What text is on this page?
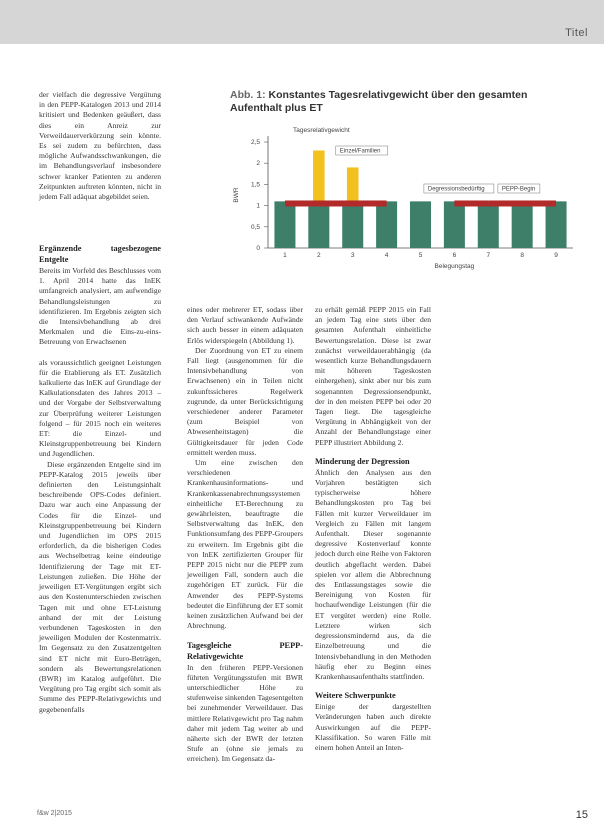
Titel
Abb. 1: Konstantes Tagesrelativgewicht über den gesamten Aufenthalt plus ET
Tagesrelativgewicht
0
0,5
1
1,5
2
2,5
BWR
1	2	3	4	5	6	7	8	9
Belegungstag
Einzel/Familien
Degressionsbedürftig	PEPP-Begin

der vielfach die degressive Vergütung in den PEPP-Katalogen 2013 und 2014 kritisiert und Bedenken geäußert, dass dies ein Anreiz zur Verweildauerverkürzung sein könnte. Es sei zudem zu befürchten, dass mögliche Aufwandsschwankungen, die im Behandlungsverlauf insbesondere schwer kranker Patienten zu anderen Zeitpunkten auftreten könnten, nicht in jedem Fall adäquat abgebildet seien.

Ergänzende tagesbezogene Entgelte

Bereits im Vorfeld des Beschlusses vom 1. April 2014 hatte das InEK umfangreich analysiert, am aufwendige Behandlungsleistungen zu identifizieren. Im Ergebnis zeigten sich die Intensivbehandlung ab drei Merkmalen und die Eins-zu-eins-Betreuung von Erwachsenen

als voraussichtlich geeignet Leistungen für die Etablierung als ET. Zusätzlich kalkulierte das InEK auf Grundlage der Kalkulationsdaten des Jahres 2013 – und der Vorgabe der Selbstverwaltung zur Überprüfung weiterer Leistungen folgend – für 2015 noch ein weiteres ET: die Einzel- und Kleinstgruppenbetreuung bei Kindern und Jugendlichen.

Diese ergänzenden Entgelte sind im PEPP-Katalog 2015 jeweils über definierten den Leistungsinhalt beschreibende OPS-Codes definiert. Dazu war auch eine Anpassung der Codes für die Einzel- und Kleinstgruppenbetreuung bei Kindern und Jugendlichen im OPS 2015 erforderlich, da die bisherigen Codes aus Wechselbetrag keine eindeutige Identifizierung der Tage mit ET-Leistungen zuließen. Die Höhe der jeweiligen ET-Vergütungen ergibt sich aus den Kostenunterschieden zwischen Tagen mit und ohne ET-Leistung anhand der mit der Leistung verbundenen Tageskosten in den jeweiligen Modulen der Kostenmatrix. Im Gegensatz zu den Zusatzentgelten sind ET nicht mit Euro-Beträgen, sondern als Bewertungsrelationen (BWR) im Katalog aufgeführt. Die Vergütung pro Tag ergibt sich somit als Summe des PEPP-Relativgewichts und gegebenenfalls

eines oder mehrerer ET, sodass über den Verlauf schwankende Aufwände sich auch besser in einem adäquaten Erlös widerspiegeln (Abbildung 1).

Der Zuordnung von ET zu einem Fall liegt (ausgenommen für die Intensivbehandlung von Erwachsenen) ein in Teilen nicht zukunftssicheres Regelwerk zugrunde, da unter Berücksichtigung verschiedener anderer Parameter (zum Beispiel von Abwesenheitstagen) die Gültigkeitsdauer für jeden Code ermittelt werden muss.

Um eine zwischen den verschiedenen Krankenhausinformations- und Krankenkassenabrechnungssystemen einheitliche ET-Berechnung zu gewährleisten, beauftragte die Selbstverwaltung das InEK, den Funktionsumfang des PEPP-Groupers zu erweitern. Im Ergebnis gibt die von InEK zertifizierten Grouper für PEPP 2015 nicht nur die PEPP zum jeweiligen Fall, sondern auch die zugehörigen ET zurück. Für die Anwender des PEPP-Systems bedeutet die Einführung der ET somit keinen zusätzlichen Aufwand bei der Abrechnung.

Tagesgleiche PEPP-Relativgewichte

In den früheren PEPP-Versionen führten Vergütungsstufen mit BWR unterschiedlicher Höhe zu stufenweise sinkenden Tagesentgelten bei zunehmender Verweildauer. Das mittlere Relativgewicht pro Tag nahm daher mit jedem Tag weiter ab und näherte sich der BWR der letzten Stufe an (ohne sie jemals zu erreichen). Im Gegensatz da-

zu erhält gemäß PEPP 2015 ein Fall an jedem Tag eine stets über den gesamten Aufenthalt einheitliche Bewertungsrelation. Diese ist zwar zunächst verweildauerabhängig (da wesentlich kurze Behandlungsdauern mit höheren Tageskosten einhergehen), sinkt aber nur bis zum sogenannten Degressionsendpunkt, der in den meisten PEPP bei oder 20 Tagen liegt. Die tagesgleiche Vergütung in Abhängigkeit von der Anzahl der Behandlungstage einer PEPP illustriert Abbildung 2.

Minderung der Degression

Ähnlich den Analysen aus den Vorjahren bestätigten sich typischerweise höhere Behandlungskosten pro Tag bei Fällen mit kurzer Verweildauer im Vergleich zu Fällen mit langem Aufenthalt. Dieser sogenannte degressive Kostenverlauf konnte jedoch durch eine Reihe von Faktoren deutlich abgeflacht werden. Dabei spielen vor allem die Abbrechnung des Entlassungstages sowie die Bereinigung von Kosten für hochaufwendige Leistungen (für die ET vergütet werden) eine Rolle. Letztere wirken sich degressionsmindernd aus, da die Einzelbetreuung und die Intensivbehandlung in den Methoden häufig eher zu Beginn eines Krankenhausaufenthalts stattfinden.

Weitere Schwerpunkte

Einige der dargestellten Veränderungen haben auch direkte Auswirkungen auf die PEPP-Klassifikation. So waren Fälle mit einem hohen Anteil an Inten-

f&w 2|2015	15
